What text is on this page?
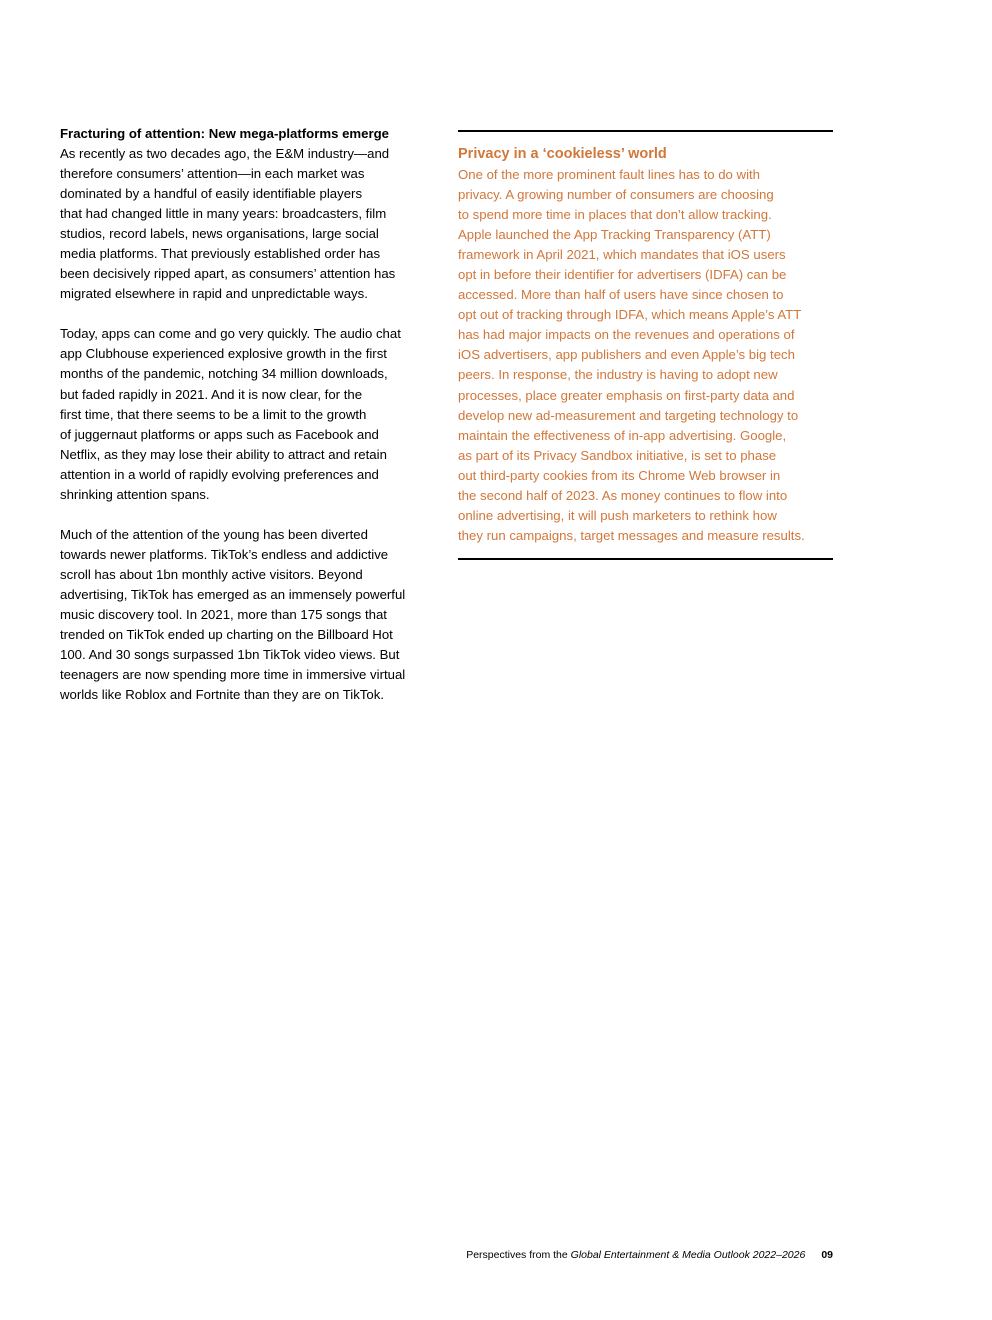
Fracturing of attention: New mega-platforms emerge

As recently as two decades ago, the E&M industry—and
therefore consumers’ attention—in each market was
dominated by a handful of easily identifiable players
that had changed little in many years: broadcasters, film
studios, record labels, news organisations, large social
media platforms. That previously established order has
been decisively ripped apart, as consumers’ attention has
migrated elsewhere in rapid and unpredictable ways.

Today, apps can come and go very quickly. The audio chat
app Clubhouse experienced explosive growth in the first
months of the pandemic, notching 34 million downloads,
but faded rapidly in 2021. And it is now clear, for the
first time, that there seems to be a limit to the growth
of juggernaut platforms or apps such as Facebook and
Netflix, as they may lose their ability to attract and retain
attention in a world of rapidly evolving preferences and
shrinking attention spans.

Much of the attention of the young has been diverted
towards newer platforms. TikTok’s endless and addictive
scroll has about 1bn monthly active visitors. Beyond
advertising, TikTok has emerged as an immensely powerful
music discovery tool. In 2021, more than 175 songs that
trended on TikTok ended up charting on the Billboard Hot
100. And 30 songs surpassed 1bn TikTok video views. But
teenagers are now spending more time in immersive virtual
worlds like Roblox and Fortnite than they are on TikTok.

Privacy in a ‘cookieless’ world

One of the more prominent fault lines has to do with
privacy. A growing number of consumers are choosing
to spend more time in places that don’t allow tracking.
Apple launched the App Tracking Transparency (ATT)
framework in April 2021, which mandates that iOS users
opt in before their identifier for advertisers (IDFA) can be
accessed. More than half of users have since chosen to
opt out of tracking through IDFA, which means Apple’s ATT
has had major impacts on the revenues and operations of
iOS advertisers, app publishers and even Apple’s big tech
peers. In response, the industry is having to adopt new
processes, place greater emphasis on first-party data and
develop new ad-measurement and targeting technology to
maintain the effectiveness of in-app advertising. Google,
as part of its Privacy Sandbox initiative, is set to phase
out third-party cookies from its Chrome Web browser in
the second half of 2023. As money continues to flow into
online advertising, it will push marketers to rethink how
they run campaigns, target messages and measure results.
Perspectives from the Global Entertainment & Media Outlook 2022–2026 09
